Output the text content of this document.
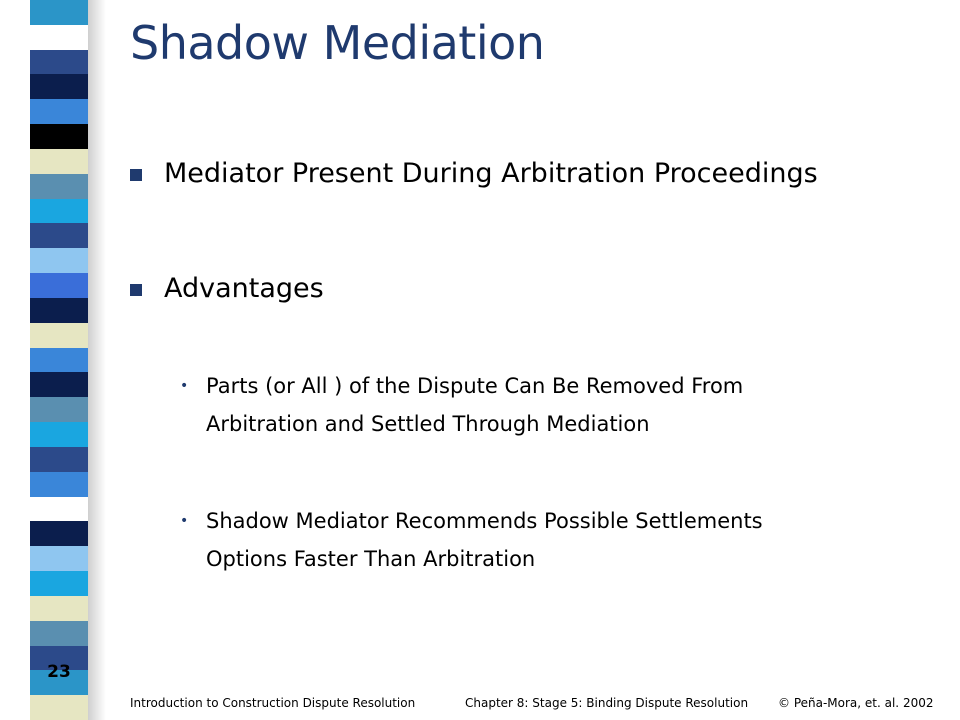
Shadow Mediation
Mediator Present During Arbitration Proceedings
Advantages
• Parts (or All ) of the Dispute Can Be Removed From
Arbitration and Settled Through Mediation
• Shadow Mediator Recommends Possible Settlements
Options Faster Than Arbitration
23
Introduction to Construction Dispute Resolution	Chapter 8: Stage 5: Binding Dispute Resolution © Peña-Mora, et. al. 2002
